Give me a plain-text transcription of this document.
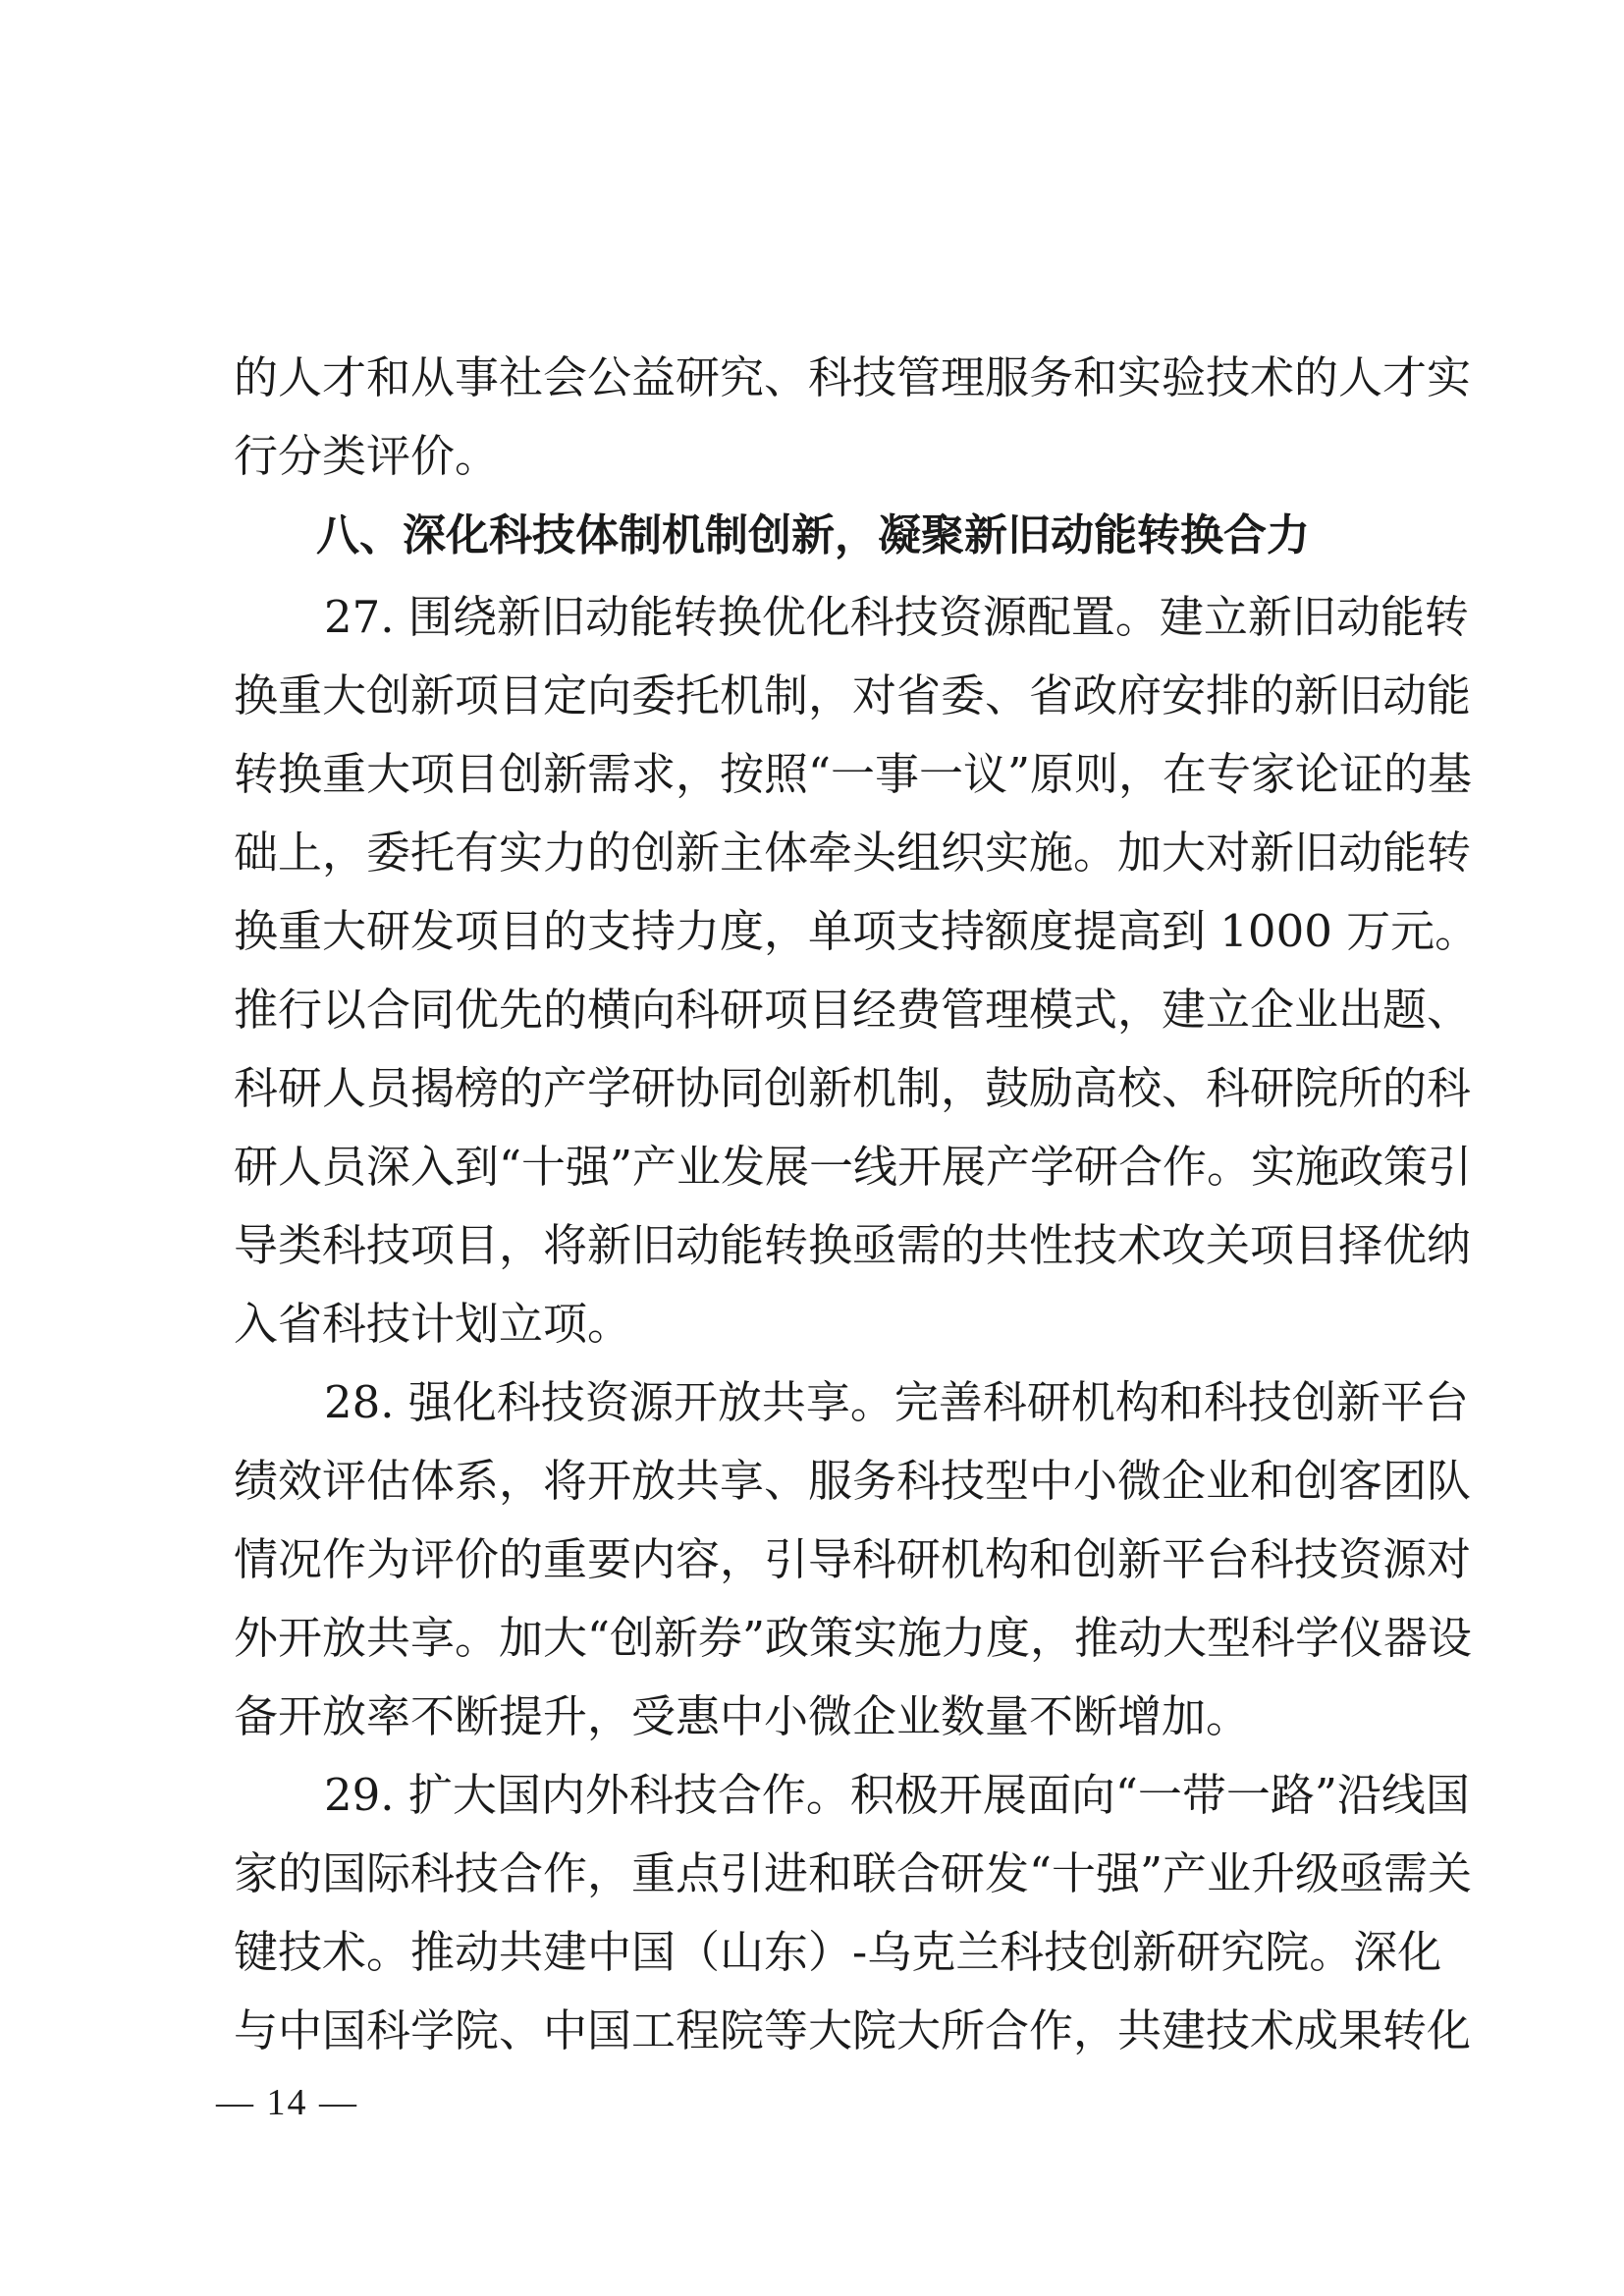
的人才和从事社会公益研究、科技管理服务和实验技术的人才实

行分类评价。

八、深化科技体制机制创新，凝聚新旧动能转换合力

27. 围绕新旧动能转换优化科技资源配置。建立新旧动能转

换重大创新项目定向委托机制，对省委、省政府安排的新旧动能

转换重大项目创新需求，按照“一事一议”原则，在专家论证的基

础上，委托有实力的创新主体牵头组织实施。加大对新旧动能转

换重大研发项目的支持力度，单项支持额度提高到 1000 万元。

推行以合同优先的横向科研项目经费管理模式，建立企业出题、

科研人员揭榜的产学研协同创新机制，鼓励高校、科研院所的科

研人员深入到“十强”产业发展一线开展产学研合作。实施政策引

导类科技项目，将新旧动能转换亟需的共性技术攻关项目择优纳

入省科技计划立项。

28. 强化科技资源开放共享。完善科研机构和科技创新平台

绩效评估体系，将开放共享、服务科技型中小微企业和创客团队

情况作为评价的重要内容，引导科研机构和创新平台科技资源对

外开放共享。加大“创新券”政策实施力度，推动大型科学仪器设

备开放率不断提升，受惠中小微企业数量不断增加。

29. 扩大国内外科技合作。积极开展面向“一带一路”沿线国

家的国际科技合作，重点引进和联合研发“十强”产业升级亟需关

键技术。推动共建中国（山东）-乌克兰科技创新研究院。深化

与中国科学院、中国工程院等大院大所合作，共建技术成果转化

— 14 —
